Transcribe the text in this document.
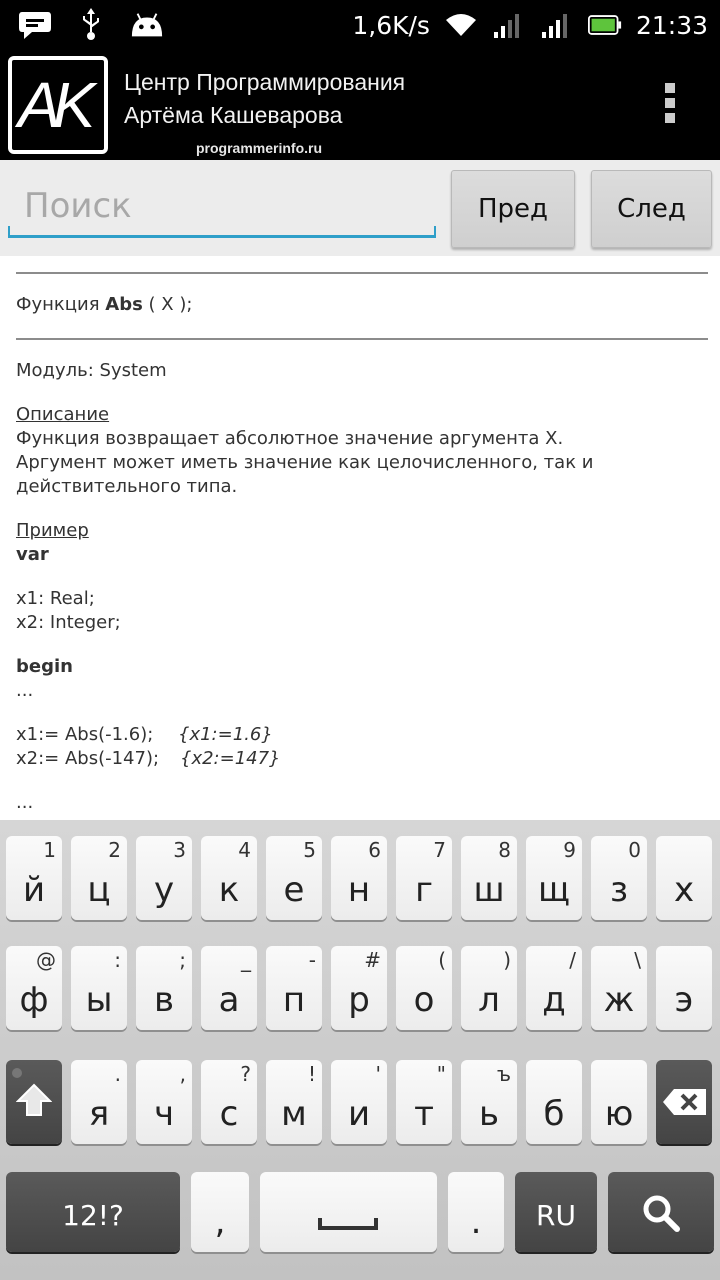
1,6K/s	21:33
AK Центр Программирования
Артёма Кашеварова
programmerinfo.ru
Поиск
Пред	След
Функция Abs ( X );
Модуль: System
Описание
Функция возвращает абсолютное значение аргумента X.
Аргумент может иметь значение как целочисленного, так и
действительного типа.
Пример
var
x1: Real;
x2: Integer;
begin
...
x1:= Abs(-1.6); {x1:=1.6}
x2:= Abs(-147); {x2:=147}
...
1
й
2
ц
3
у
4
к
5
е
6
н
7
г
8
ш
9
щ
0
з	х
@
ф
:
ы
;
в
_
а
-
п
#
р
(
о
)
л
/
д
\
ж	э
.
я
,
ч
?
с
!
м
'
и
"
т
ъ
ь	б	ю
12!?	,	.	RU
